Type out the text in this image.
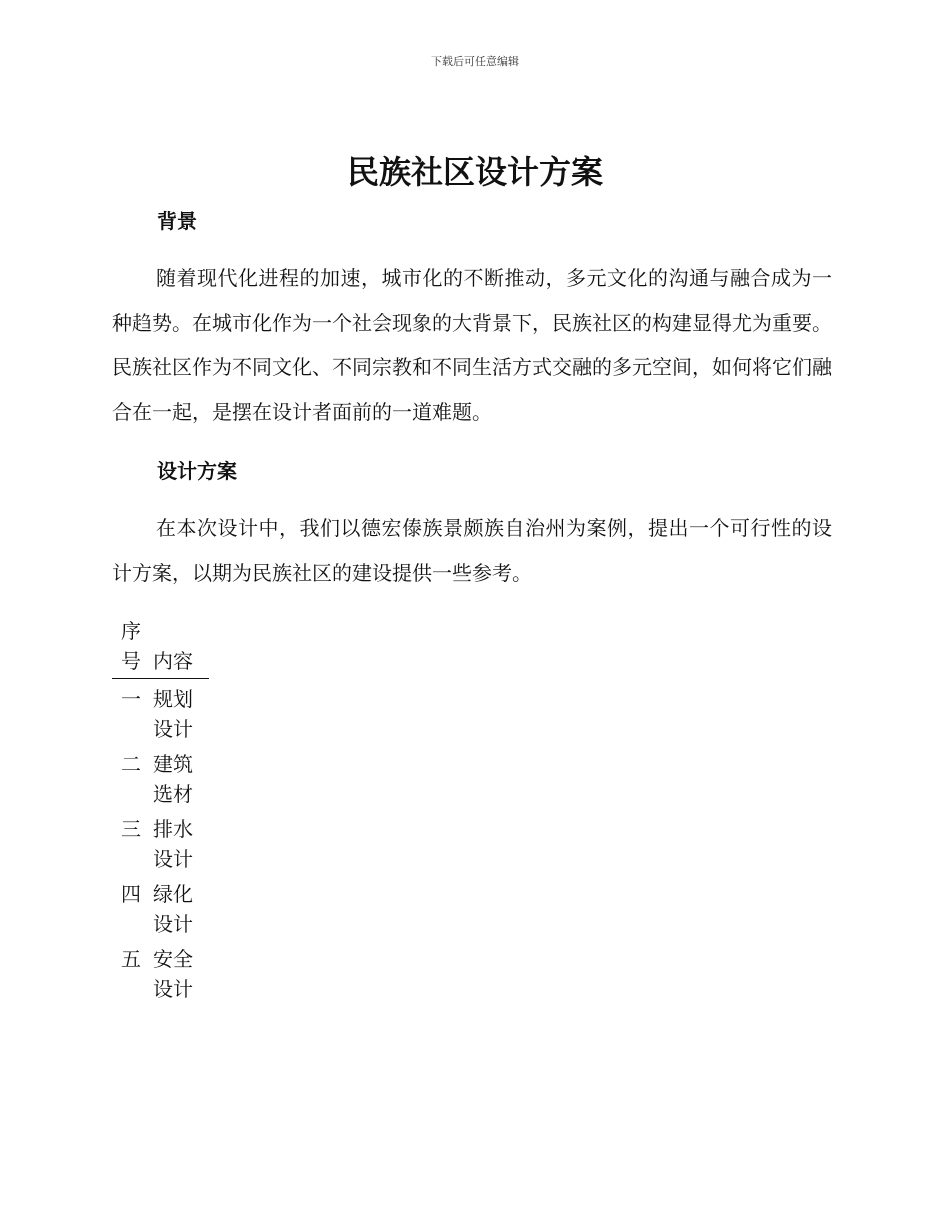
下载后可任意编辑
民族社区设计方案
背景

随着现代化进程的加速，城市化的不断推动，多元文化的沟通与融合成为一种趋势。在城市化作为一个社会现象的大背景下，民族社区的构建显得尤为重要。民族社区作为不同文化、不同宗教和不同生活方式交融的多元空间，如何将它们融合在一起，是摆在设计者面前的一道难题。

设计方案

在本次设计中，我们以德宏傣族景颇族自治州为案例，提出一个可行性的设计方案，以期为民族社区的建设提供一些参考。

序号	内容
一	规划设计
二	建筑选材
三	排水设计
四	绿化设计
五	安全设计
